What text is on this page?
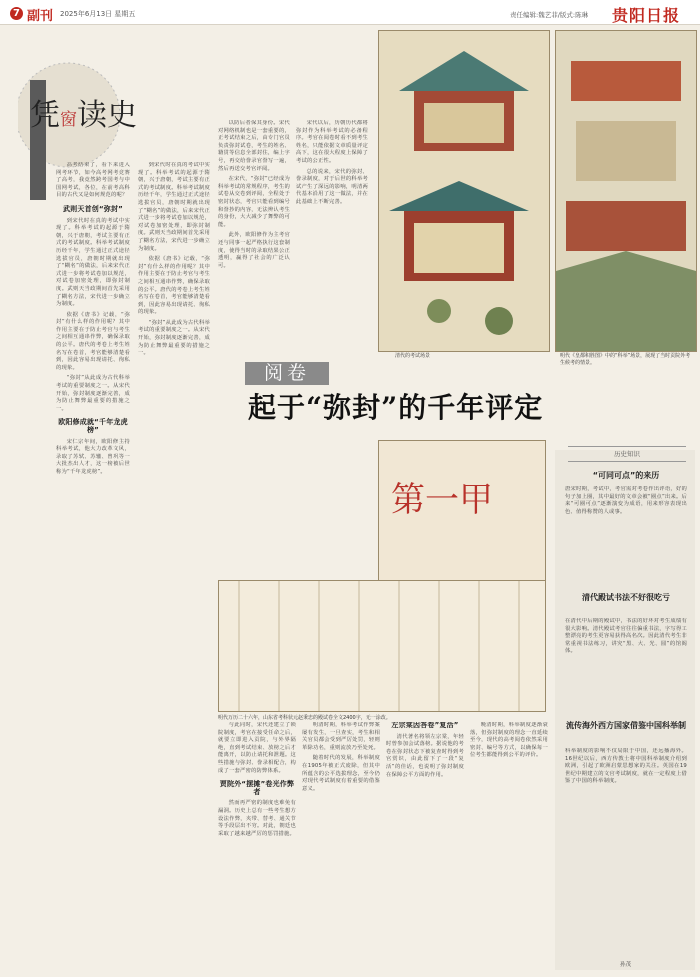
7 副刊 2025年6月13日 星期五	责任编辑:魏艺菲/版式:陈琳 贵阳日报
凭窗读史

高考结束了，看下来进入网考环节，如今高考网考竞赛了高考，我竟然跨考国考与中国网考试，各位，在前考高科目的古代又是如何规范的呢？

武则天首创“弥封”

到宋代时在真的考试中实现了。科举考试的起源于隋朝，兴于唐朝，考试主要有正式的考试制度。科举考试制度历经千年，学生通过正式途径选拔官员，唐朝时期就出现了“糊名”的做法，后来宋代正式进一步将考试卷加以规范，对试卷加密处理，即弥封制度。武则天当政期间首先采用了糊名方法，宋代进一步确立为制度。

依据《唐书》记载，“弥封”有什么样的作用呢？其中作用主要在于防止考官与考生之间相互通串作弊，确保录取的公平。唐代的考卷上考生姓名写在卷首，考官能够清楚看到，因此容易出现请托、徇私的现象。

“弥封”从此成为古代科举考试的重要制度之一。从宋代开始，弥封制度逐渐完善，成为防止舞弊最重要的措施之一。

欧阳修成就“千年龙虎榜”

宋仁宗年间，欧阳修主持科举考试，他大力改革文风，录取了苏轼、苏辙、曾巩等一大批杰出人才，这一榜被后世称为“千年龙虎榜”。

到宋代时在真的考试中实现了。科举考试的起源于隋朝，兴于唐朝，考试主要有正式的考试制度。科举考试制度历经千年，学生通过正式途径选拔官员，唐朝时期就出现了“糊名”的做法，后来宋代正式进一步将考试卷加以规范，对试卷加密处理，即弥封制度。武则天当政期间首先采用了糊名方法，宋代进一步确立为制度。

依据《唐书》记载，“弥封”有什么样的作用呢？其中作用主要在于防止考官与考生之间相互通串作弊，确保录取的公平。唐代的考卷上考生姓名写在卷首，考官能够清楚看到，因此容易出现请托、徇私的现象。

“弥封”从此成为古代科举考试的重要制度之一。从宋代开始，弥封制度逐渐完善，成为防止舞弊最重要的措施之一。

以防后者保其身份。宋代对网络机制也是一套重要的，正考试结束之后，由专门官员负责弥封试卷，考生的姓名、籍贯等信息全部封住，编上字号，再交给誊录官誊写一遍，然后再送交考官评阅。

在宋代，“弥封”已经成为科举考试的常规程序，考生的试卷从交卷到评阅，全程处于密封状态，考官只能看到编号和誊抄的内容，无法辨认考生的身份，大大减少了舞弊的可能。

此外，欧阳修作为主考官还与同事一起严格执行这套制度，使得当时的录取结果公正透明，赢得了社会的广泛认可。

宋代以后，历朝历代都将弥封作为科举考试的必备程序。考官在阅卷时看不到考生姓名，只能依据文章质量评定高下，这在很大程度上保障了考试的公正性。

总的说来，宋代的弥封、誊录制度，对于后世的科举考试产生了深远的影响，明清两代基本沿用了这一做法，并在此基础上不断完善。

清代的考试场景	明代《皇都积胜图》中的“科举”场景，展现了当时贡院外考生候考的情景。
阅卷
起于“弥封”的千年评定
第一甲
明代万历二十六年，山东省考科状元赵秉忠的殿试卷全文2400字，无一涂改。

与此同时，宋代还建立了锁院制度，考官在接受任命之后，就要立即进入贡院，与外界隔绝，直到考试结束、放榜之后才能离开，以防止请托和泄题。这些措施与弥封、誊录相配合，构成了一套严密的防弊体系。

贾院外“摆摊”卷光作弊者

然而再严密的制度也难免有漏洞。历史上总有一些考生想方设法作弊，夹带、替考、通关节等手段层出不穷。对此，朝廷也采取了越来越严厉的惩罚措施。

明清时期，科举考试作弊案屡有发生，一旦查实，考生和相关官员都会受到严厉处罚，轻则革除功名，重则流放乃至处死。

随着时代的发展，科举制度在1905年被正式废除，但其中所蕴含的公平选拔理念，至今仍对现代考试制度有着重要的借鉴意义。

左宗棠因答卷”复活”

清代著名将领左宗棠，年轻时曾参加会试落榜。据说他的考卷在弥封状态下被复查时得到考官赏识，由此留下了一段“复活”的佳话，也说明了弥封制度在保障公平方面的作用。

晚清时期，科举制度逐渐衰落，但弥封制度的理念一直延续至今，现代的高考阅卷依然采用密封、编号等方式，以确保每一位考生都能得到公平的评价。

历史知识
“可同可点”的来历
唐宋时期，考试中，考官需对考卷作出评语，好的句子加上圈，其中最好的文章会被“圈点”出来。后来“可圈可点”逐渐演变为成语，用来形容表现出色、值得称赞的人或事。
清代殿试书法不好很吃亏
在清代中后期的殿试中，书法的好坏对考生成绩有很大影响。清代殿试考官往往偏重书法，字写得工整漂亮的考生更容易获得高名次。因此清代考生非常重视书法练习，讲究“黑、大、光、圆”的馆阁体。
流传海外西方国家借鉴中国科举制
科举制度的影响不仅局限于中国，还远播海外。16世纪以后，西方传教士将中国科举制度介绍到欧洲，引起了欧洲启蒙思想家的关注。英国在19世纪中期建立的文官考试制度，就在一定程度上借鉴了中国的科举制度。
孙茂
